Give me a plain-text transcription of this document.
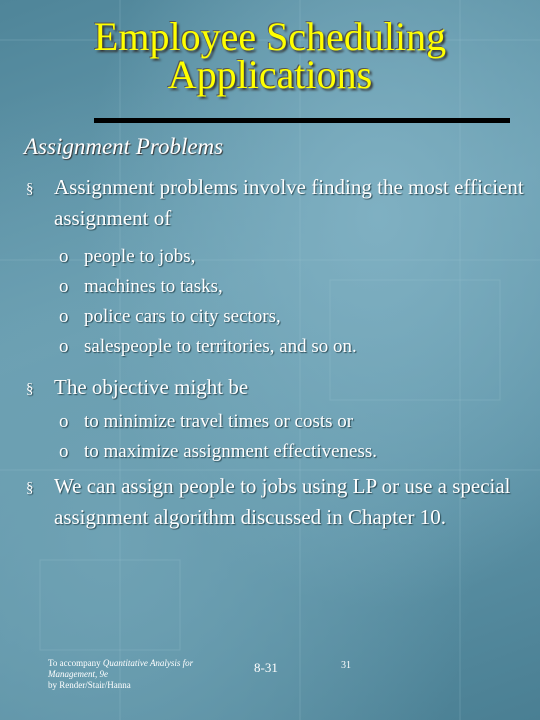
Employee Scheduling
Applications
Assignment Problems
§ Assignment problems involve finding the most efficient assignment of
o people to jobs,
o machines to tasks,
o police cars to city sectors,
o salespeople to territories, and so on.
§ The objective might be
o to minimize travel times or costs or
o to maximize assignment effectiveness.
§ We can assign people to jobs using LP or use a special assignment algorithm discussed in Chapter 10.
To accompany Quantitative Analysis for Management, 9e
by Render/Stair/Hanna
8-31	31
